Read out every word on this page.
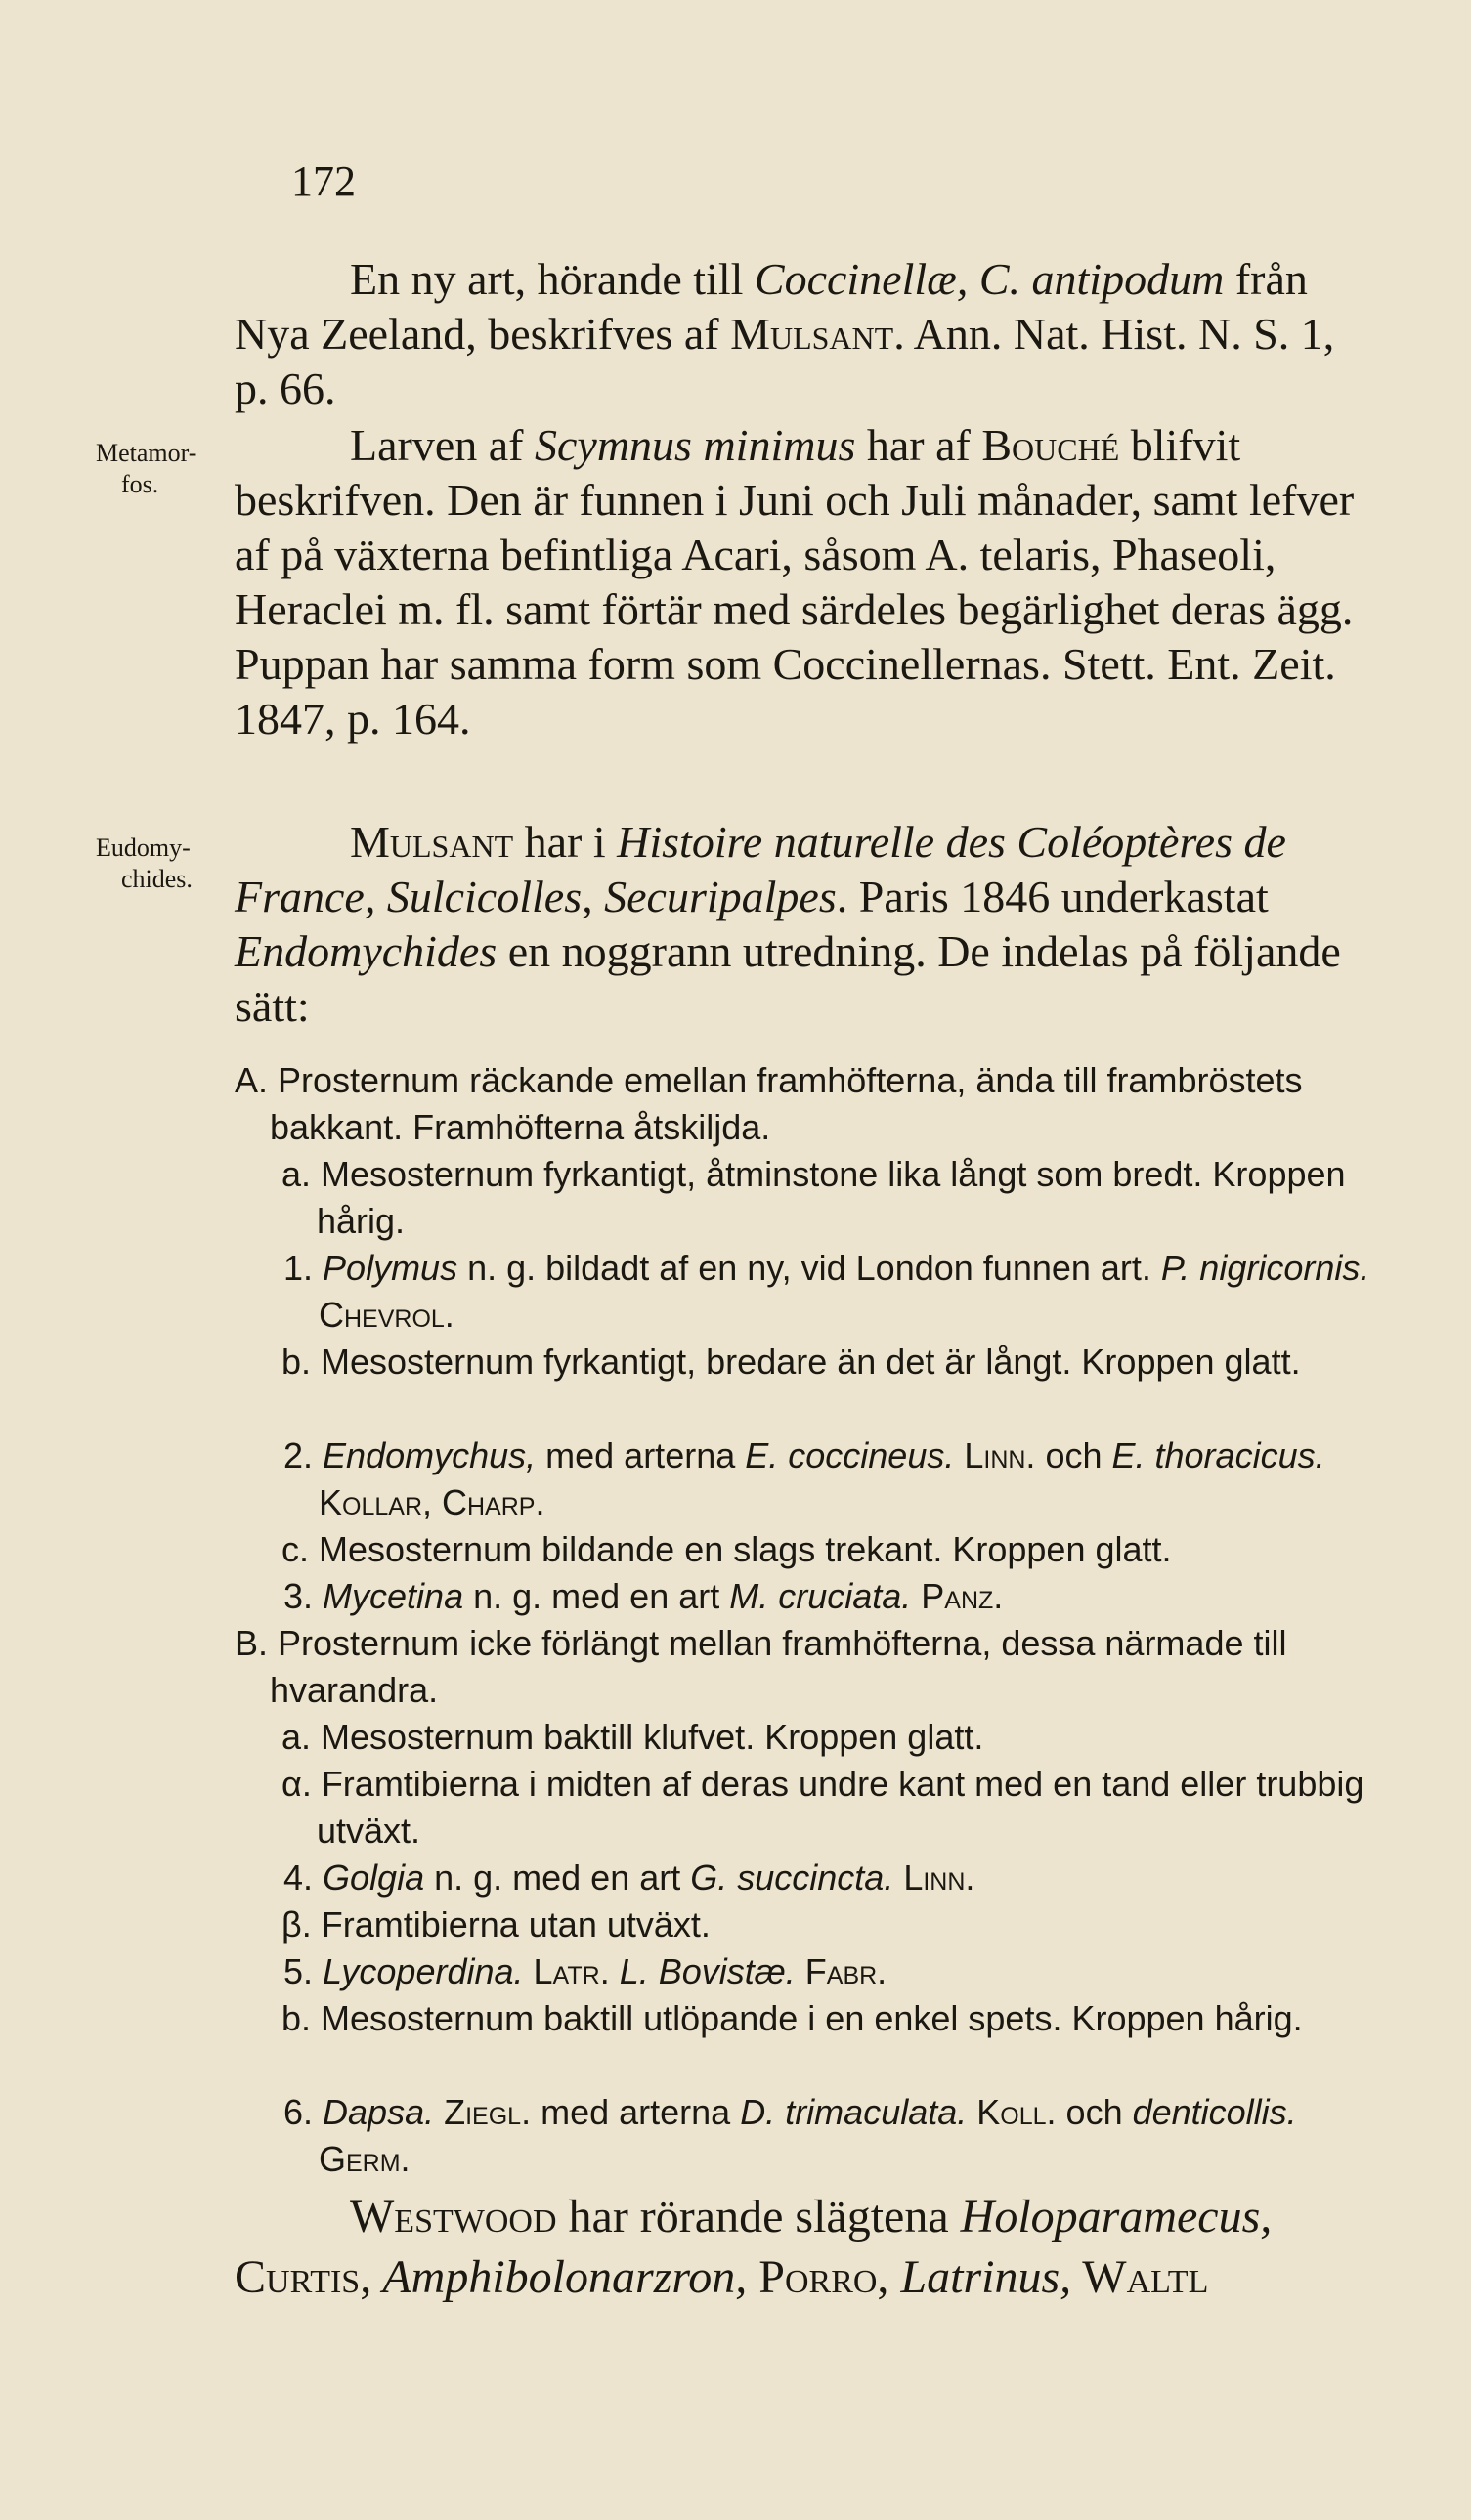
172
Metamor-
fos.
Eudomy-
chides.
En ny art, hörande till Coccinellæ, C. antipodum från Nya Zeeland, beskrifves af Mulsant. Ann. Nat. Hist. N. S. 1, p. 66.
Larven af Scymnus minimus har af Bouché blifvit beskrifven. Den är funnen i Juni och Juli månader, samt lefver af på växterna befintliga Acari, såsom A. telaris, Phaseoli, Heraclei m. fl. samt förtär med särdeles begärlighet deras ägg. Puppan har samma form som Coccinellernas. Stett. Ent. Zeit. 1847, p. 164.
Mulsant har i Histoire naturelle des Coléoptères de France, Sulcicolles, Securipalpes. Paris 1846 underkastat Endomychides en noggrann utredning. De indelas på följande sätt:
A. Prosternum räckande emellan framhöfterna, ända till frambröstets bakkant. Framhöfterna åtskiljda.
a. Mesosternum fyrkantigt, åtminstone lika långt som bredt. Kroppen hårig.
1. Polymus n. g. bildadt af en ny, vid London funnen art. P. nigricornis. Chevrol.
b. Mesosternum fyrkantigt, bredare än det är långt. Kroppen glatt.
2. Endomychus, med arterna E. coccineus. Linn. och E. thoracicus. Kollar, Charp.
c. Mesosternum bildande en slags trekant. Kroppen glatt.
3. Mycetina n. g. med en art M. cruciata. Panz.
B. Prosternum icke förlängt mellan framhöfterna, dessa närmade till hvarandra.
a. Mesosternum baktill klufvet. Kroppen glatt.
α. Framtibierna i midten af deras undre kant med en tand eller trubbig utväxt.
4. Golgia n. g. med en art G. succincta. Linn.
β. Framtibierna utan utväxt.
5. Lycoperdina. Latr. L. Bovistæ. Fabr.
b. Mesosternum baktill utlöpande i en enkel spets. Kroppen hårig.
6. Dapsa. Ziegl. med arterna D. trimaculata. Koll. och denticollis. Germ.
Westwood har rörande slägtena Holoparamecus,
Curtis, Amphibolonarzron, Porro, Latrinus, Waltl
